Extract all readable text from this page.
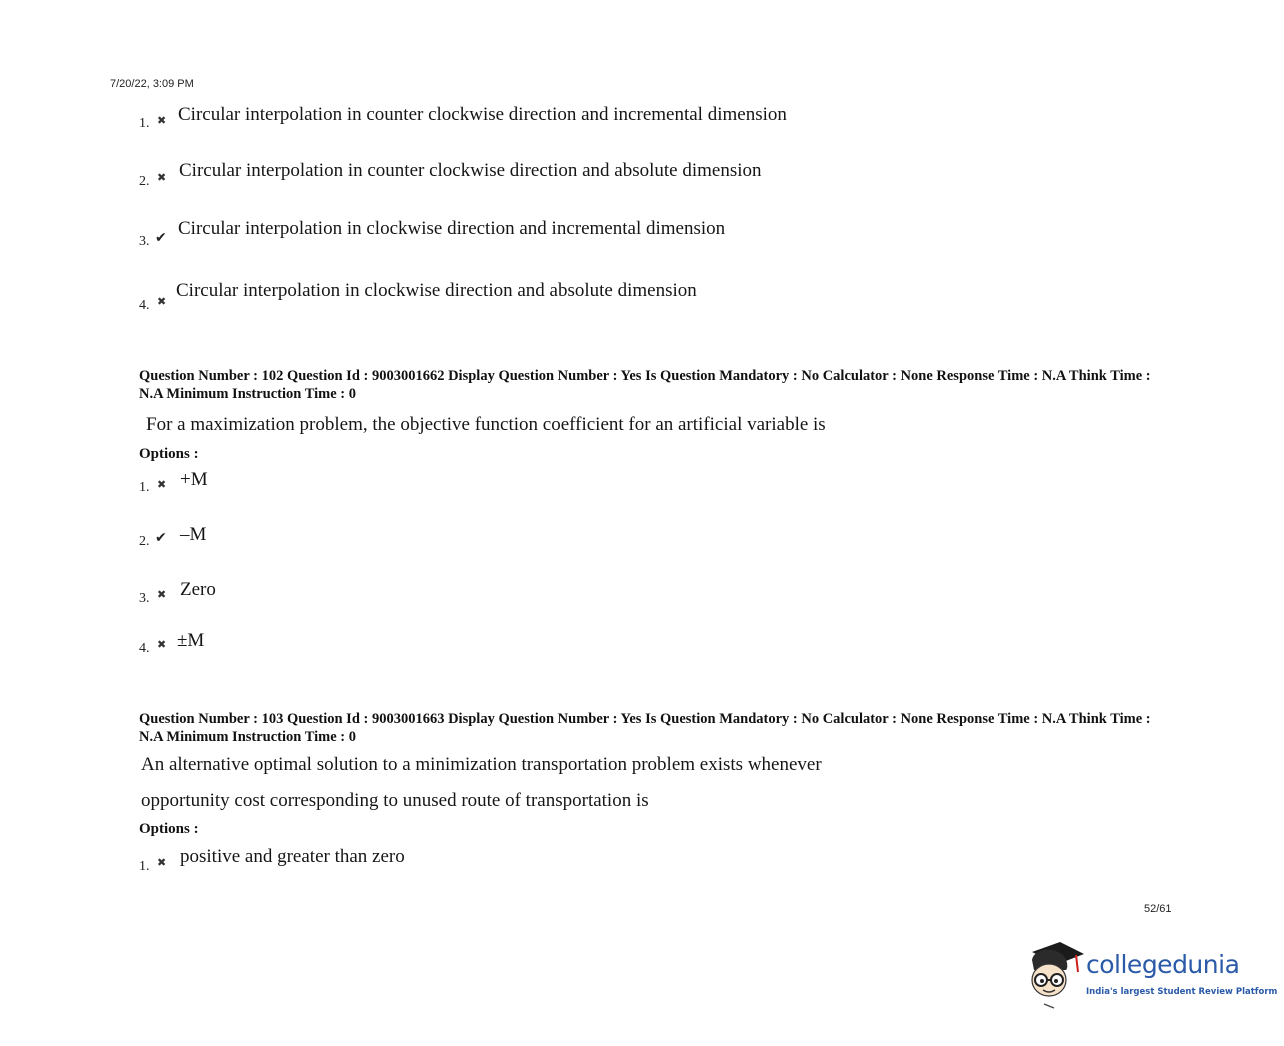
7/20/22, 3:09 PM
1. ✖ Circular interpolation in counter clockwise direction and incremental dimension
2. ✖ Circular interpolation in counter clockwise direction and absolute dimension
3. ✔ Circular interpolation in clockwise direction and incremental dimension
4. ✖
Circular interpolation in clockwise direction and absolute dimension
Question Number : 102 Question Id : 9003001662 Display Question Number : Yes Is Question Mandatory : No Calculator : None Response Time : N.A Think Time : N.A Minimum Instruction Time : 0
For a maximization problem, the objective function coefficient for an artificial variable is
Options :
1. ✖ +M
2. ✔ –M
3. ✖ Zero
4. ✖ ±M
Question Number : 103 Question Id : 9003001663 Display Question Number : Yes Is Question Mandatory : No Calculator : None Response Time : N.A Think Time : N.A Minimum Instruction Time : 0
An alternative optimal solution to a minimization transportation problem exists whenever
opportunity cost corresponding to unused route of transportation is
Options :
1. ✖ positive and greater than zero
52/61
collegedunia
India's largest Student Review Platform
